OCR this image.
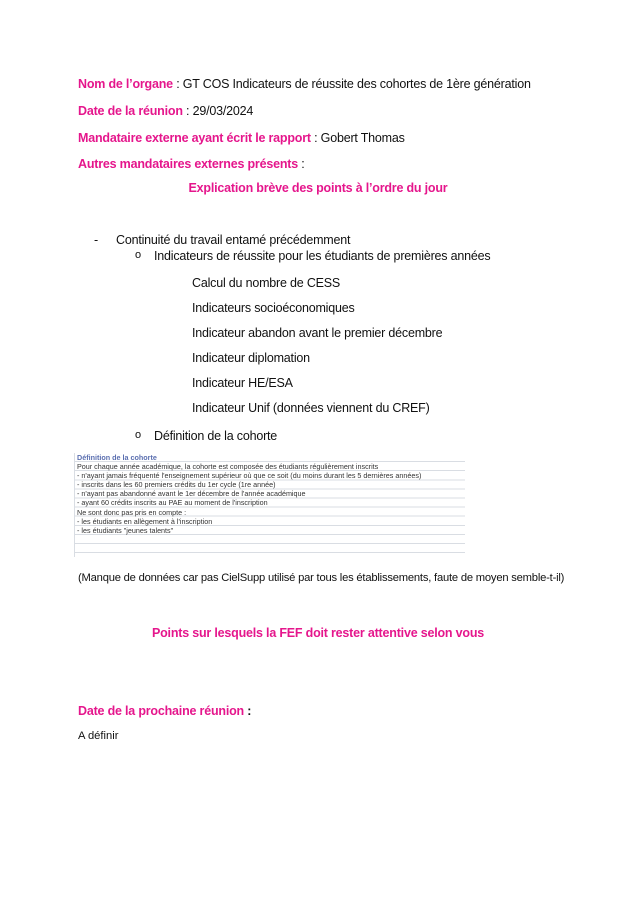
Nom de l’organe : GT COS Indicateurs de réussite des cohortes de 1ère génération
Date de la réunion : 29/03/2024
Mandataire externe ayant écrit le rapport : Gobert Thomas
Autres mandataires externes présents :
Explication brève des points à l’ordre du jour
- Continuité du travail entamé précédemment
o Indicateurs de réussite pour les étudiants de premières années
Calcul du nombre de CESS
Indicateurs socioéconomiques
Indicateur abandon avant le premier décembre
Indicateur diplomation
Indicateur HE/ESA
Indicateur Unif (données viennent du CREF)
o Définition de la cohorte
Définition de la cohorte
Pour chaque année académique, la cohorte est composée des étudiants régulièrement inscrits
- n'ayant jamais fréquenté l'enseignement supérieur où que ce soit (du moins durant les 5 dernières années)
- inscrits dans les 60 premiers crédits du 1er cycle (1re année)
- n'ayant pas abandonné avant le 1er décembre de l'année académique
- ayant 60 crédits inscrits au PAE au moment de l'inscription
Ne sont donc pas pris en compte :
- les étudiants en allègement à l'inscription
- les étudiants "jeunes talents"
(Manque de données car pas CielSupp utilisé par tous les établissements, faute de moyen semble-t-il)
Points sur lesquels la FEF doit rester attentive selon vous
Date de la prochaine réunion :
A définir
